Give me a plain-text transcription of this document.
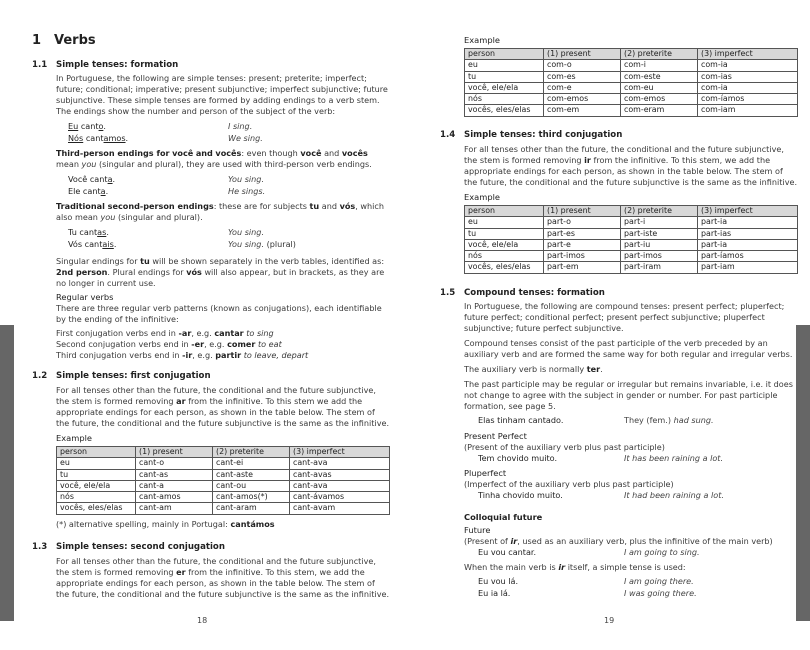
1 Verbs
1.1 Simple tenses: formation
In Portuguese, the following are simple tenses: present; preterite; imperfect; future; conditional; imperative; present subjunctive; imperfect subjunctive; future subjunctive. These simple tenses are formed by adding endings to a verb stem. The endings show the number and person of the subject of the verb:
Eu canto.	I sing.
Nós cantamos.	We sing.
Third-person endings for você and vocês: even though você and vocês mean you (singular and plural), they are used with third-person verb endings.
Você canta.	You sing.
Ele canta.	He sings.
Traditional second-person endings: these are for subjects tu and vós, which also mean you (singular and plural).
Tu cantas.	You sing.
Vós cantais.	You sing. (plural)
Singular endings for tu will be shown separately in the verb tables, identified as: 2nd person. Plural endings for vós will also appear, but in brackets, as they are no longer in current use.
Regular verbs
There are three regular verb patterns (known as conjugations), each identifiable by the ending of the infinitive:
First conjugation verbs end in -ar, e.g. cantar to sing
Second conjugation verbs end in -er, e.g. comer to eat
Third conjugation verbs end in -ir, e.g. partir to leave, depart
1.2 Simple tenses: first conjugation
For all tenses other than the future, the conditional and the future subjunctive, the stem is formed removing ar from the infinitive. To this stem we add the appropriate endings for each person, as shown in the table below. The stem of the future, the conditional and the future subjunctive is the same as the infinitive.
Example
person	(1) present	(2) preterite	(3) imperfect
eu	cant-o	cant-ei	cant-ava
tu	cant-as	cant-aste	cant-avas
você, ele/ela	cant-a	cant-ou	cant-ava
nós	cant-amos	cant-amos(*)	cant-ávamos
vocês, eles/elas	cant-am	cant-aram	cant-avam
(*) alternative spelling, mainly in Portugal: cantámos
1.3 Simple tenses: second conjugation
For all tenses other than the future, the conditional and the future subjunctive, the stem is formed removing er from the infinitive. To this stem, we add the appropriate endings for each person, as shown in the table below. The stem of the future, the conditional and the future subjunctive is the same as the infinitive.
18
Example
person	(1) present	(2) preterite	(3) imperfect
eu	com-o	com-i	com-ia
tu	com-es	com-este	com-ias
você, ele/ela	com-e	com-eu	com-ia
nós	com-emos	com-emos	com-íamos
vocês, eles/elas	com-em	com-eram	com-iam
1.4 Simple tenses: third conjugation
For all tenses other than the future, the conditional and the future subjunctive, the stem is formed removing ir from the infinitive. To this stem, we add the appropriate endings for each person, as shown in the table below. The stem of the future, the conditional and the future subjunctive is the same as the infinitive.
Example
person	(1) present	(2) preterite	(3) imperfect
eu	part-o	part-i	part-ia
tu	part-es	part-iste	part-ias
você, ele/ela	part-e	part-iu	part-ia
nós	part-imos	part-imos	part-íamos
vocês, eles/elas	part-em	part-iram	part-iam
1.5 Compound tenses: formation
In Portuguese, the following are compound tenses: present perfect; pluperfect; future perfect; conditional perfect; present perfect subjunctive; pluperfect subjunctive; future perfect subjunctive.
Compound tenses consist of the past participle of the verb preceded by an auxiliary verb and are formed the same way for both regular and irregular verbs.
The auxiliary verb is normally ter.
The past participle may be regular or irregular but remains invariable, i.e. it does not change to agree with the subject in gender or number. For past participle formation, see page 5.
Elas tinham cantado.	They (fem.) had sung.
Present Perfect
(Present of the auxiliary verb plus past participle)
Tem chovido muito.	It has been raining a lot.
Pluperfect
(Imperfect of the auxiliary verb plus past participle)
Tinha chovido muito.	It had been raining a lot.
Colloquial future
Future
(Present of ir, used as an auxiliary verb, plus the infinitive of the main verb)
Eu vou cantar.	I am going to sing.
When the main verb is ir itself, a simple tense is used:
Eu vou lá.	I am going there.
Eu ia lá.	I was going there.
19
